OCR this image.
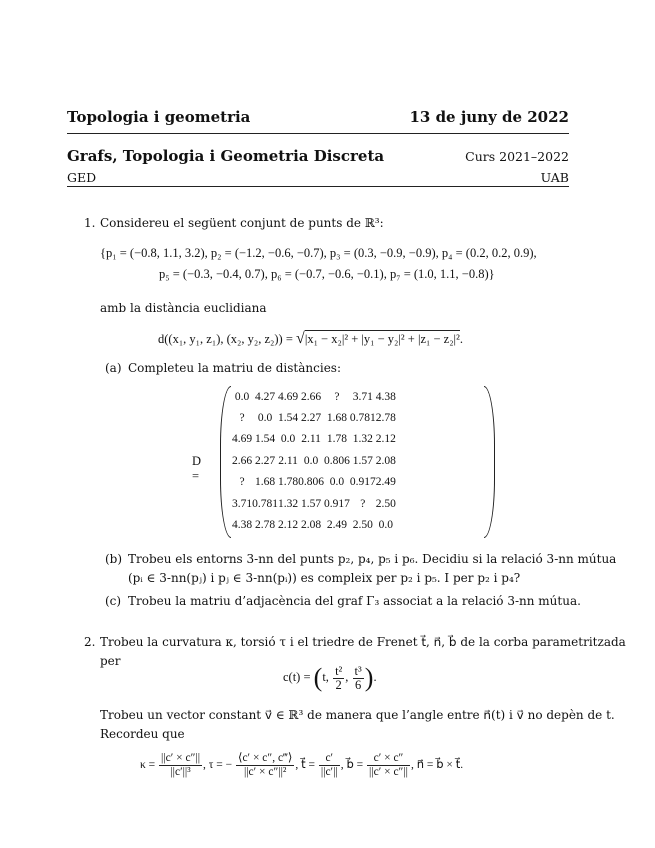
Topologia i geometria	13 de juny de 2022
Grafs, Topologia i Geometria Discreta	Curs 2021–2022
GED	UAB
1. Considereu el següent conjunt de punts de ℝ³:
{p₁ = (−0.8, 1.1, 3.2), p₂ = (−1.2, −0.6, −0.7), p₃ = (0.3, −0.9, −0.9), p₄ = (0.2, 0.2, 0.9),
p₅ = (−0.3, −0.4, 0.7), p₆ = (−0.7, −0.6, −0.1), p₇ = (1.0, 1.1, −0.8)}
amb la distància euclidiana
d((x₁, y₁, z₁), (x₂, y₂, z₂)) = √|x₁ − x₂|² + |y₁ − y₂|² + |z₁ − z₂|².
(a) Completeu la matriu de distàncies:
D =
0.0	4.27	4.69	2.66	?	3.71	4.38
?	0.0	1.54	2.27	1.68	0.781	2.78
4.69	1.54	0.0	2.11	1.78	1.32	2.12
2.66	2.27	2.11	0.0	0.806	1.57	2.08
?	1.68	1.78	0.806	0.0	0.917	2.49
3.71	0.781	1.32	1.57	0.917	?	2.50
4.38	2.78	2.12	2.08	2.49	2.50	0.0
(b) Trobeu els entorns 3-nn del punts p₂, p₄, p₅ i p₆. Decidiu si la relació 3-nn mútua
(pᵢ ∈ 3-nn(pⱼ) i pⱼ ∈ 3-nn(pᵢ)) es compleix per p₂ i p₅. I per p₂ i p₄?
(c) Trobeu la matriu d’adjacència del graf Γ₃ associat a la relació 3-nn mútua.
2. Trobeu la curvatura κ, torsió τ i el triedre de Frenet t⃗, n⃗, b⃗ de la corba parametritzada
per
c(t) = (t, $\frac{\text{t²}}{2}$ , $\frac{\text{t³}}{6}$ ).
Trobeu un vector constant v⃗ ∈ ℝ³ de manera que l’angle entre n⃗(t) i v⃗ no depèn de t.
Recordeu que
$\kappa = \frac{||c' \times c''||}{\text{||c′||³}}$ , τ = − $\frac{⟨c' \times c'', c‴⟩}{\text{||c′ × c″||²}}$ , t⃗ = $\frac{c'}{||c'||}$ , b⃗ = $\frac{c' \times c''}{||c' \times c''||}$ , n⃗ = b⃗ × t⃗.
